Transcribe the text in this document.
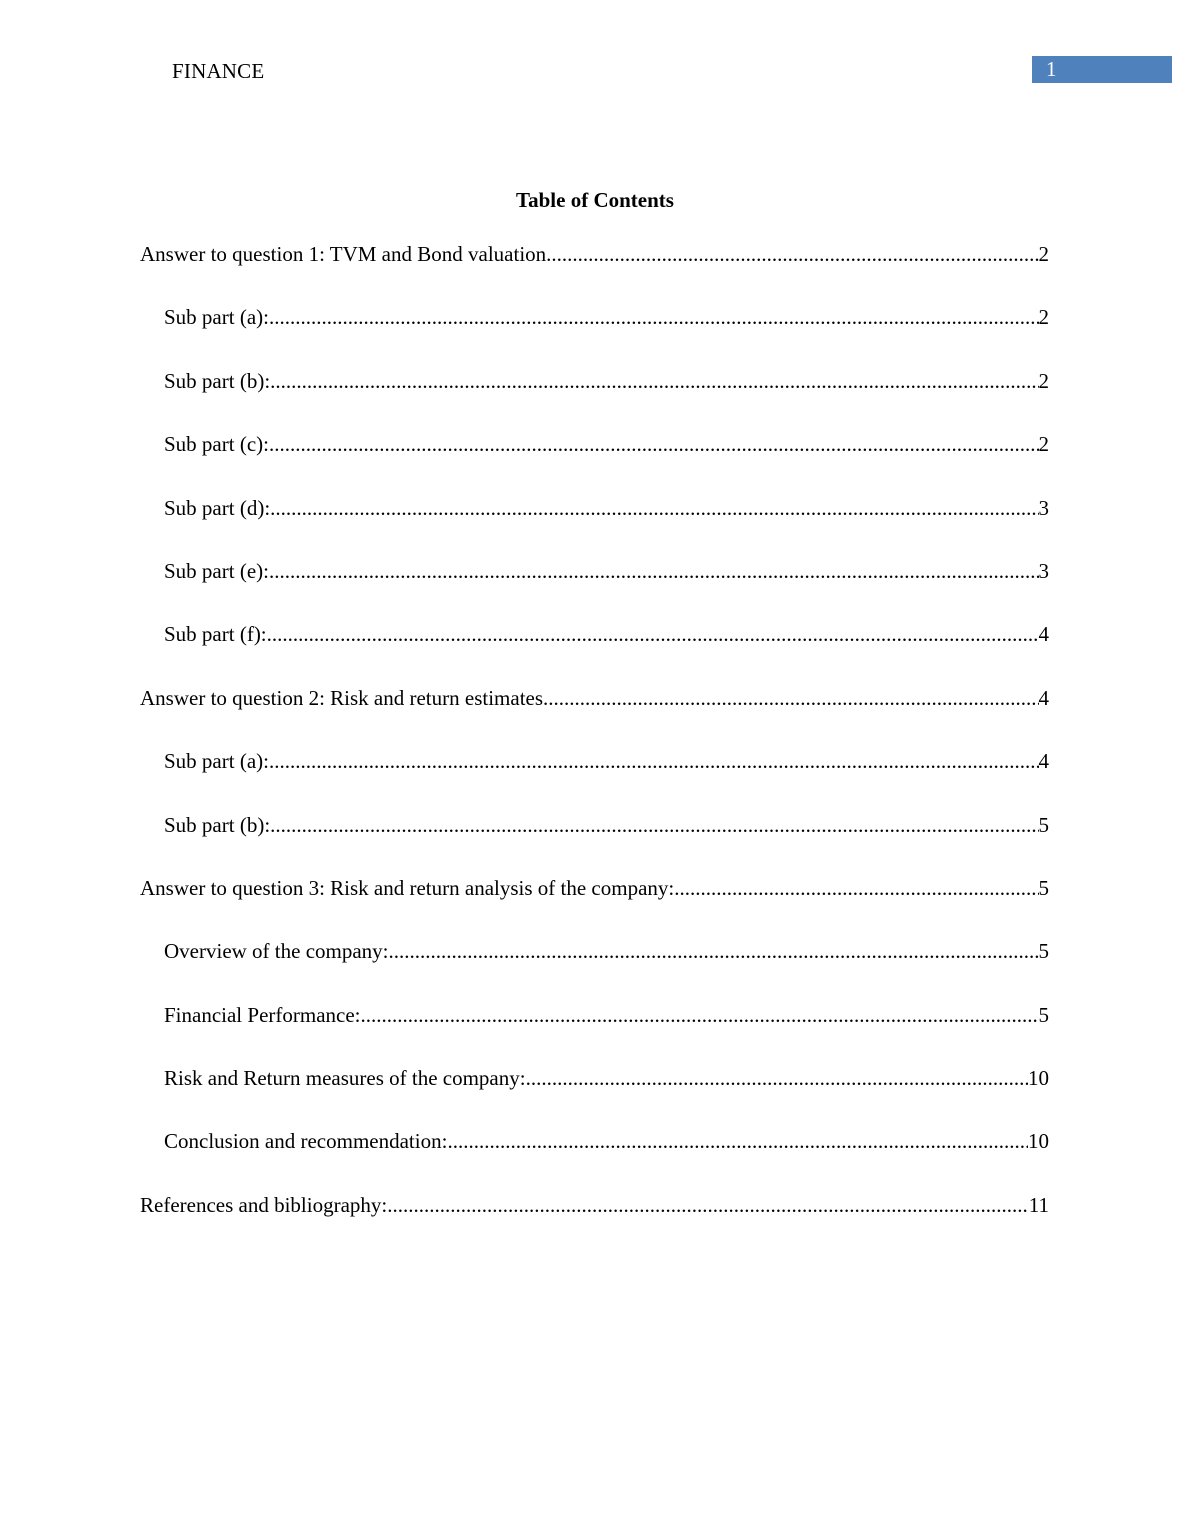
FINANCE	1
Table of Contents
Answer to question 1: TVM and Bond valuation .....	2
Sub part (a): .....	2
Sub part (b): .....	2
Sub part (c): .....	2
Sub part (d): .....	3
Sub part (e): .....	3
Sub part (f): .....	4
Answer to question 2: Risk and return estimates .....	4
Sub part (a): .....	4
Sub part (b): .....	5
Answer to question 3: Risk and return analysis of the company: .....	5
Overview of the company: .....	5
Financial Performance: .....	5
Risk and Return measures of the company: .....	10
Conclusion and recommendation: .....	10
References and bibliography: .....	11
